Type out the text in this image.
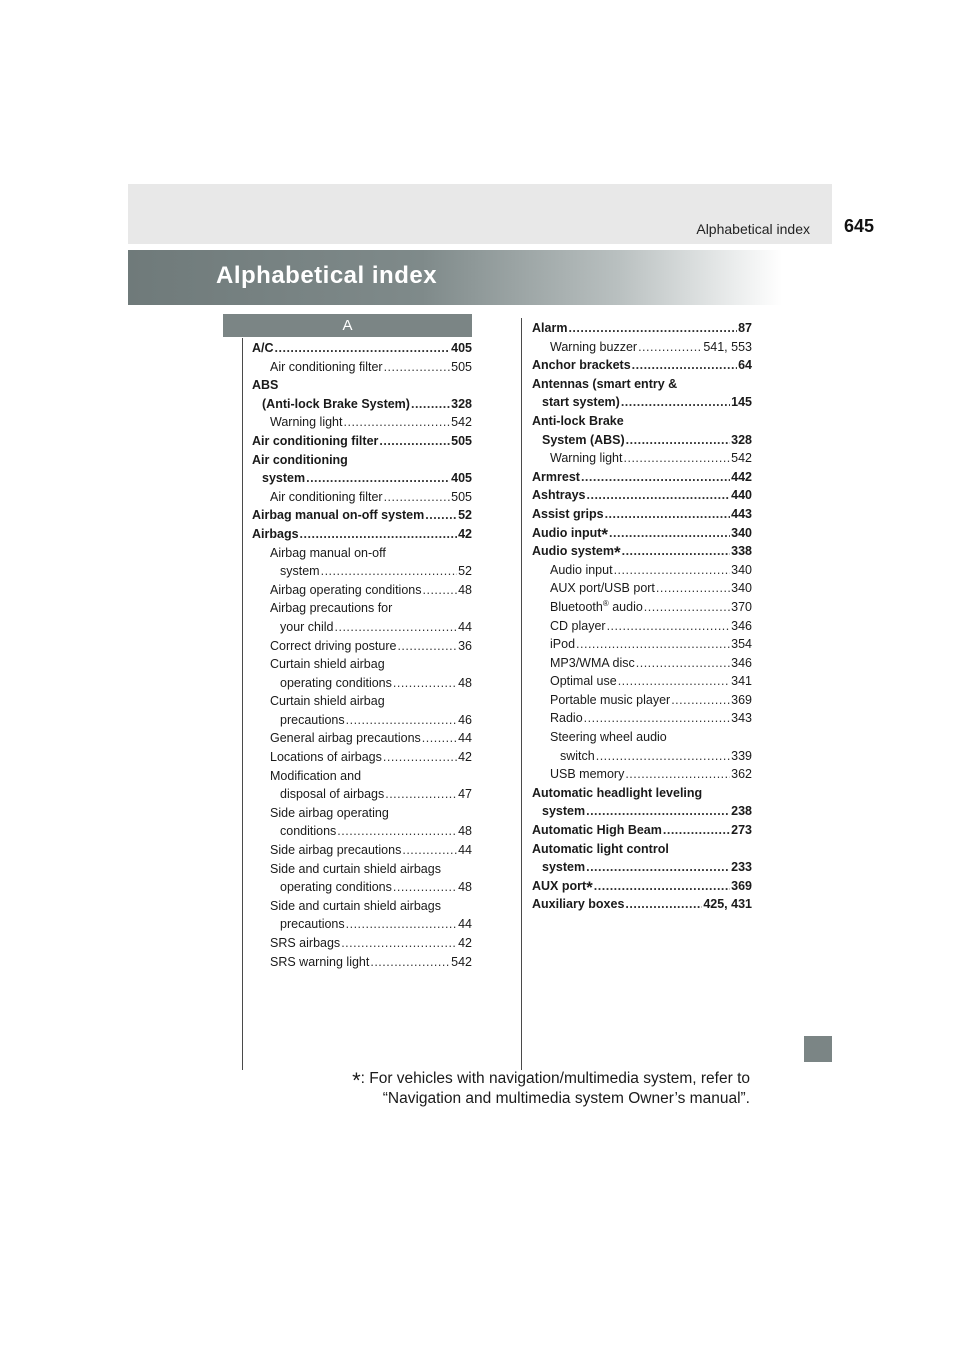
Alphabetical index 645
Alphabetical index
A
A/C .....	405
Air conditioning filter .....	505
ABS
(Anti-lock Brake System) .....	328
Warning light .....	542
Air conditioning filter .....	505
Air conditioning
system .....	405
Air conditioning filter .....	505
Airbag manual on-off system .....	52
Airbags .....	42
Airbag manual on-off
system .....	52
Airbag operating conditions .....	48
Airbag precautions for
your child .....	44
Correct driving posture .....	36
Curtain shield airbag
operating conditions .....	48
Curtain shield airbag
precautions .....	46
General airbag precautions .....	44
Locations of airbags .....	42
Modification and
disposal of airbags .....	47
Side airbag operating
conditions .....	48
Side airbag precautions .....	44
Side and curtain shield airbags
operating conditions .....	48
Side and curtain shield airbags
precautions .....	44
SRS airbags .....	42
SRS warning light .....	542
Alarm .....	87
Warning buzzer .....	541, 553
Anchor brackets .....	64
Antennas (smart entry &
start system) .....	145
Anti-lock Brake
System (ABS) .....	328
Warning light .....	542
Armrest .....	442
Ashtrays .....	440
Assist grips .....	443
Audio input* .....	340
Audio system* .....	338
Audio input .....	340
AUX port/USB port .....	340
Bluetooth® audio .....	370
CD player .....	346
iPod .....	354
MP3/WMA disc .....	346
Optimal use .....	341
Portable music player .....	369
Radio .....	343
Steering wheel audio
switch .....	339
USB memory .....	362
Automatic headlight leveling
system .....	238
Automatic High Beam .....	273
Automatic light control
system .....	233
AUX port* .....	369
Auxiliary boxes .....	425, 431
*: For vehicles with navigation/multimedia system, refer to
“Navigation and multimedia system Owner’s manual”.
